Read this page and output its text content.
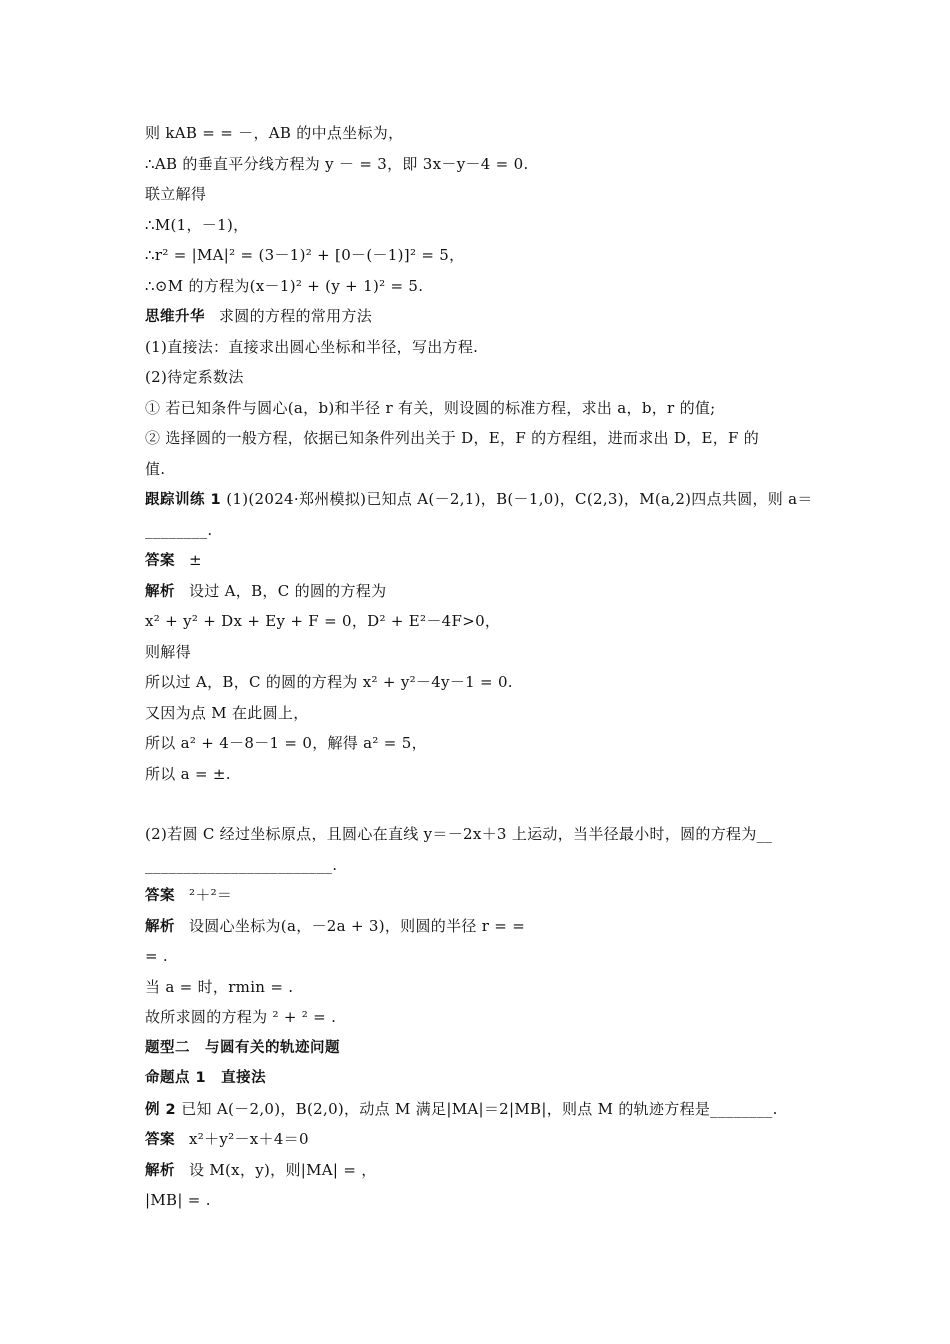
则 kAB = = －，AB 的中点坐标为，
∴AB 的垂直平分线方程为 y － = 3，即 3x－y－4 = 0.
联立解得
∴M(1，－1)，
∴r² = |MA|² = (3－1)² + [0－(－1)]² = 5，
∴⊙M 的方程为(x－1)² + (y + 1)² = 5.
思维升华 求圆的方程的常用方法
(1)直接法：直接求出圆心坐标和半径，写出方程.
(2)待定系数法
① 若已知条件与圆心(a，b)和半径 r 有关，则设圆的标准方程，求出 a，b，r 的值;
② 选择圆的一般方程，依据已知条件列出关于 D，E，F 的方程组，进而求出 D，E，F 的
值.
跟踪训练 1 (1)(2024·郑州模拟)已知点 A(－2,1)，B(－1,0)，C(2,3)，M(a,2)四点共圆，则 a＝
________.
答案 ±
解析 设过 A，B，C 的圆的方程为
x² + y² + Dx + Ey + F = 0，D² + E²－4F>0，
则解得
所以过 A，B，C 的圆的方程为 x² + y²－4y－1 = 0.
又因为点 M 在此圆上，
所以 a² + 4－8－1 = 0，解得 a² = 5，
所以 a = ±.
(2)若圆 C 经过坐标原点，且圆心在直线 y＝－2x＋3 上运动，当半径最小时，圆的方程为__
________________________.
答案 ²＋²＝
解析 设圆心坐标为(a，－2a + 3)，则圆的半径 r = =
= .
当 a = 时，rmin = .
故所求圆的方程为 ² + ² = .
题型二　与圆有关的轨迹问题
命题点 1　直接法
例 2 已知 A(－2,0)，B(2,0)，动点 M 满足|MA|＝2|MB|，则点 M 的轨迹方程是________.
答案 x²＋y²－x＋4＝0
解析 设 M(x，y)，则|MA| = ，
|MB| = .
